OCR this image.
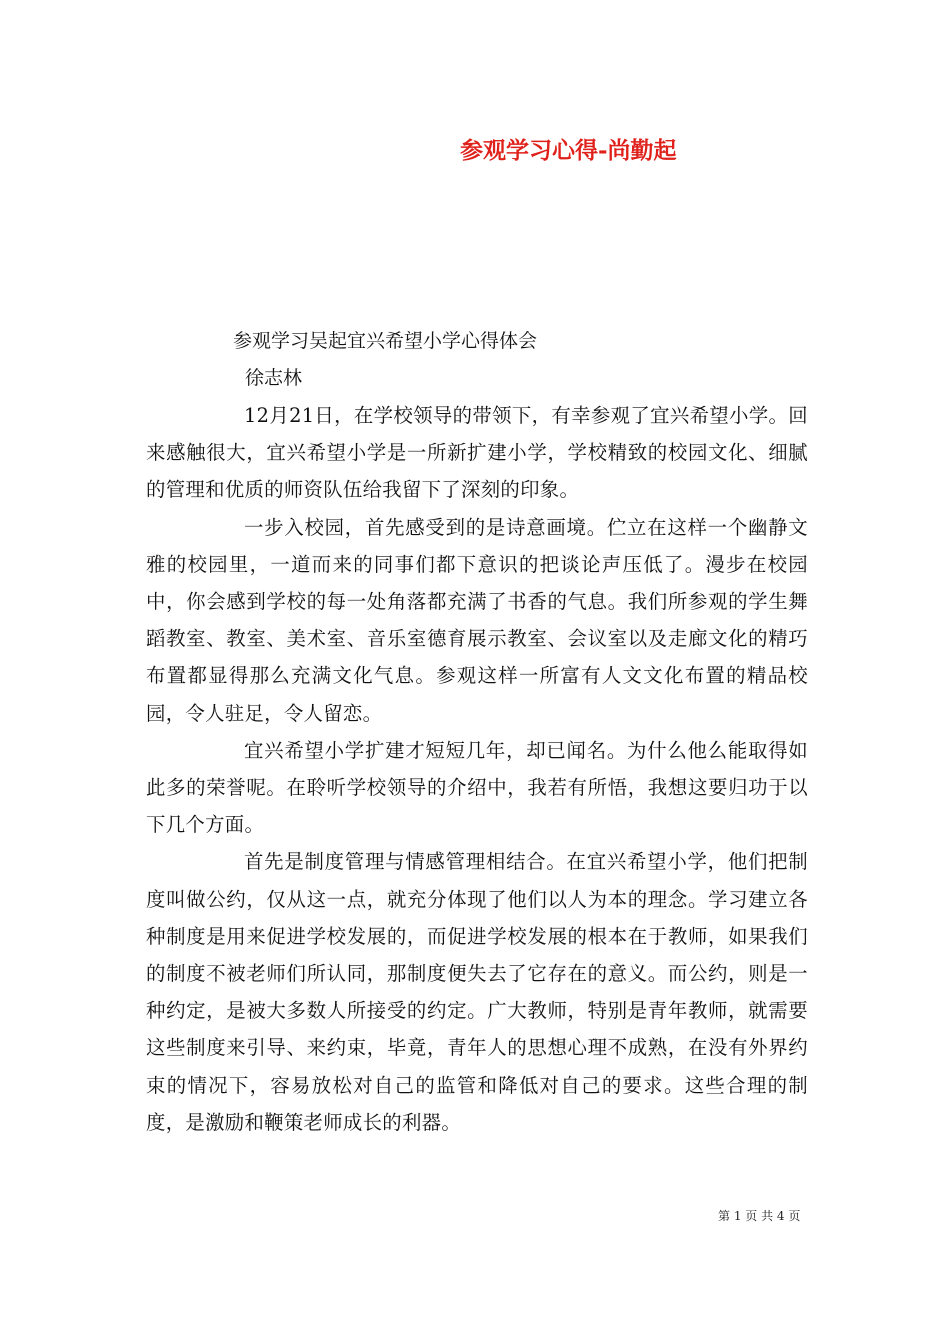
参观学习心得-尚勤起

参观学习吴起宜兴希望小学心得体会

徐志林

12月21日，在学校领导的带领下，有幸参观了宜兴希望小学。回来感触很大，宜兴希望小学是一所新扩建小学，学校精致的校园文化、细腻的管理和优质的师资队伍给我留下了深刻的印象。

一步入校园，首先感受到的是诗意画境。伫立在这样一个幽静文雅的校园里，一道而来的同事们都下意识的把谈论声压低了。漫步在校园中，你会感到学校的每一处角落都充满了书香的气息。我们所参观的学生舞蹈教室、教室、美术室、音乐室德育展示教室、会议室以及走廊文化的精巧布置都显得那么充满文化气息。参观这样一所富有人文文化布置的精品校园，令人驻足，令人留恋。

宜兴希望小学扩建才短短几年，却已闻名。为什么他么能取得如此多的荣誉呢。在聆听学校领导的介绍中，我若有所悟，我想这要归功于以下几个方面。

首先是制度管理与情感管理相结合。在宜兴希望小学，他们把制度叫做公约，仅从这一点，就充分体现了他们以人为本的理念。学习建立各种制度是用来促进学校发展的，而促进学校发展的根本在于教师，如果我们的制度不被老师们所认同，那制度便失去了它存在的意义。而公约，则是一种约定，是被大多数人所接受的约定。广大教师，特别是青年教师，就需要这些制度来引导、来约束，毕竟，青年人的思想心理不成熟，在没有外界约束的情况下，容易放松对自己的监管和降低对自己的要求。这些合理的制度，是激励和鞭策老师成长的利器。

第 1 页 共 4 页
